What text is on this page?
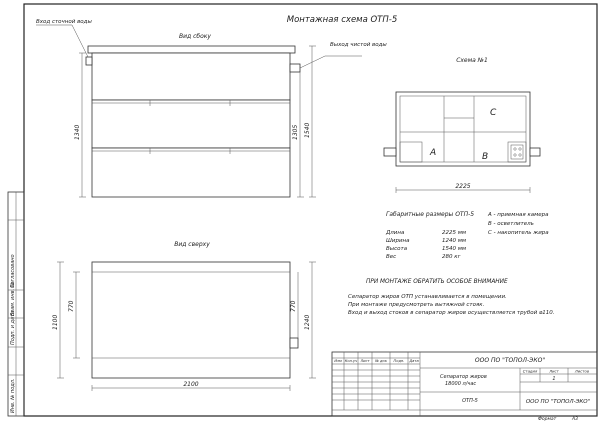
Согласовано
Взам. инв. №
Подп. и дата
Инв. № подл.
Монтажная схема ОТП-5
Вид сбоку
Вход сточной воды
Выход чистой воды
1340	1305 1540
Вид сверху
1100
770	770
1240
2100
Схема №1
A	B
C
2225
Габаритные размеры ОТП-5
Длина	2225 мм
Ширина	1240 мм
Высота	1540 мм
Вес	280 кг
А - приемная камера
В - осветлитель
С - накопитель жира
ПРИ МОНТАЖЕ ОБРАТИТЬ ОСОБОЕ ВНИМАНИЕ
Сепаратор жиров ОТП устанавливается в помещении.
При монтаже предусмотреть вытяжной стояк.
Вход и выход стоков в сепаратор жиров осуществляется трубой ⌀110.
Изм Кол.уч Лист № док Подп. Дата
Стадия	Лист	Листов
1
ООО ПО "ТОПОЛ-ЭКО"
Сепаратор жиров
18000 л/час
ОТП-5	ООО ПО "ТОПОЛ-ЭКО"
Формат	А3
